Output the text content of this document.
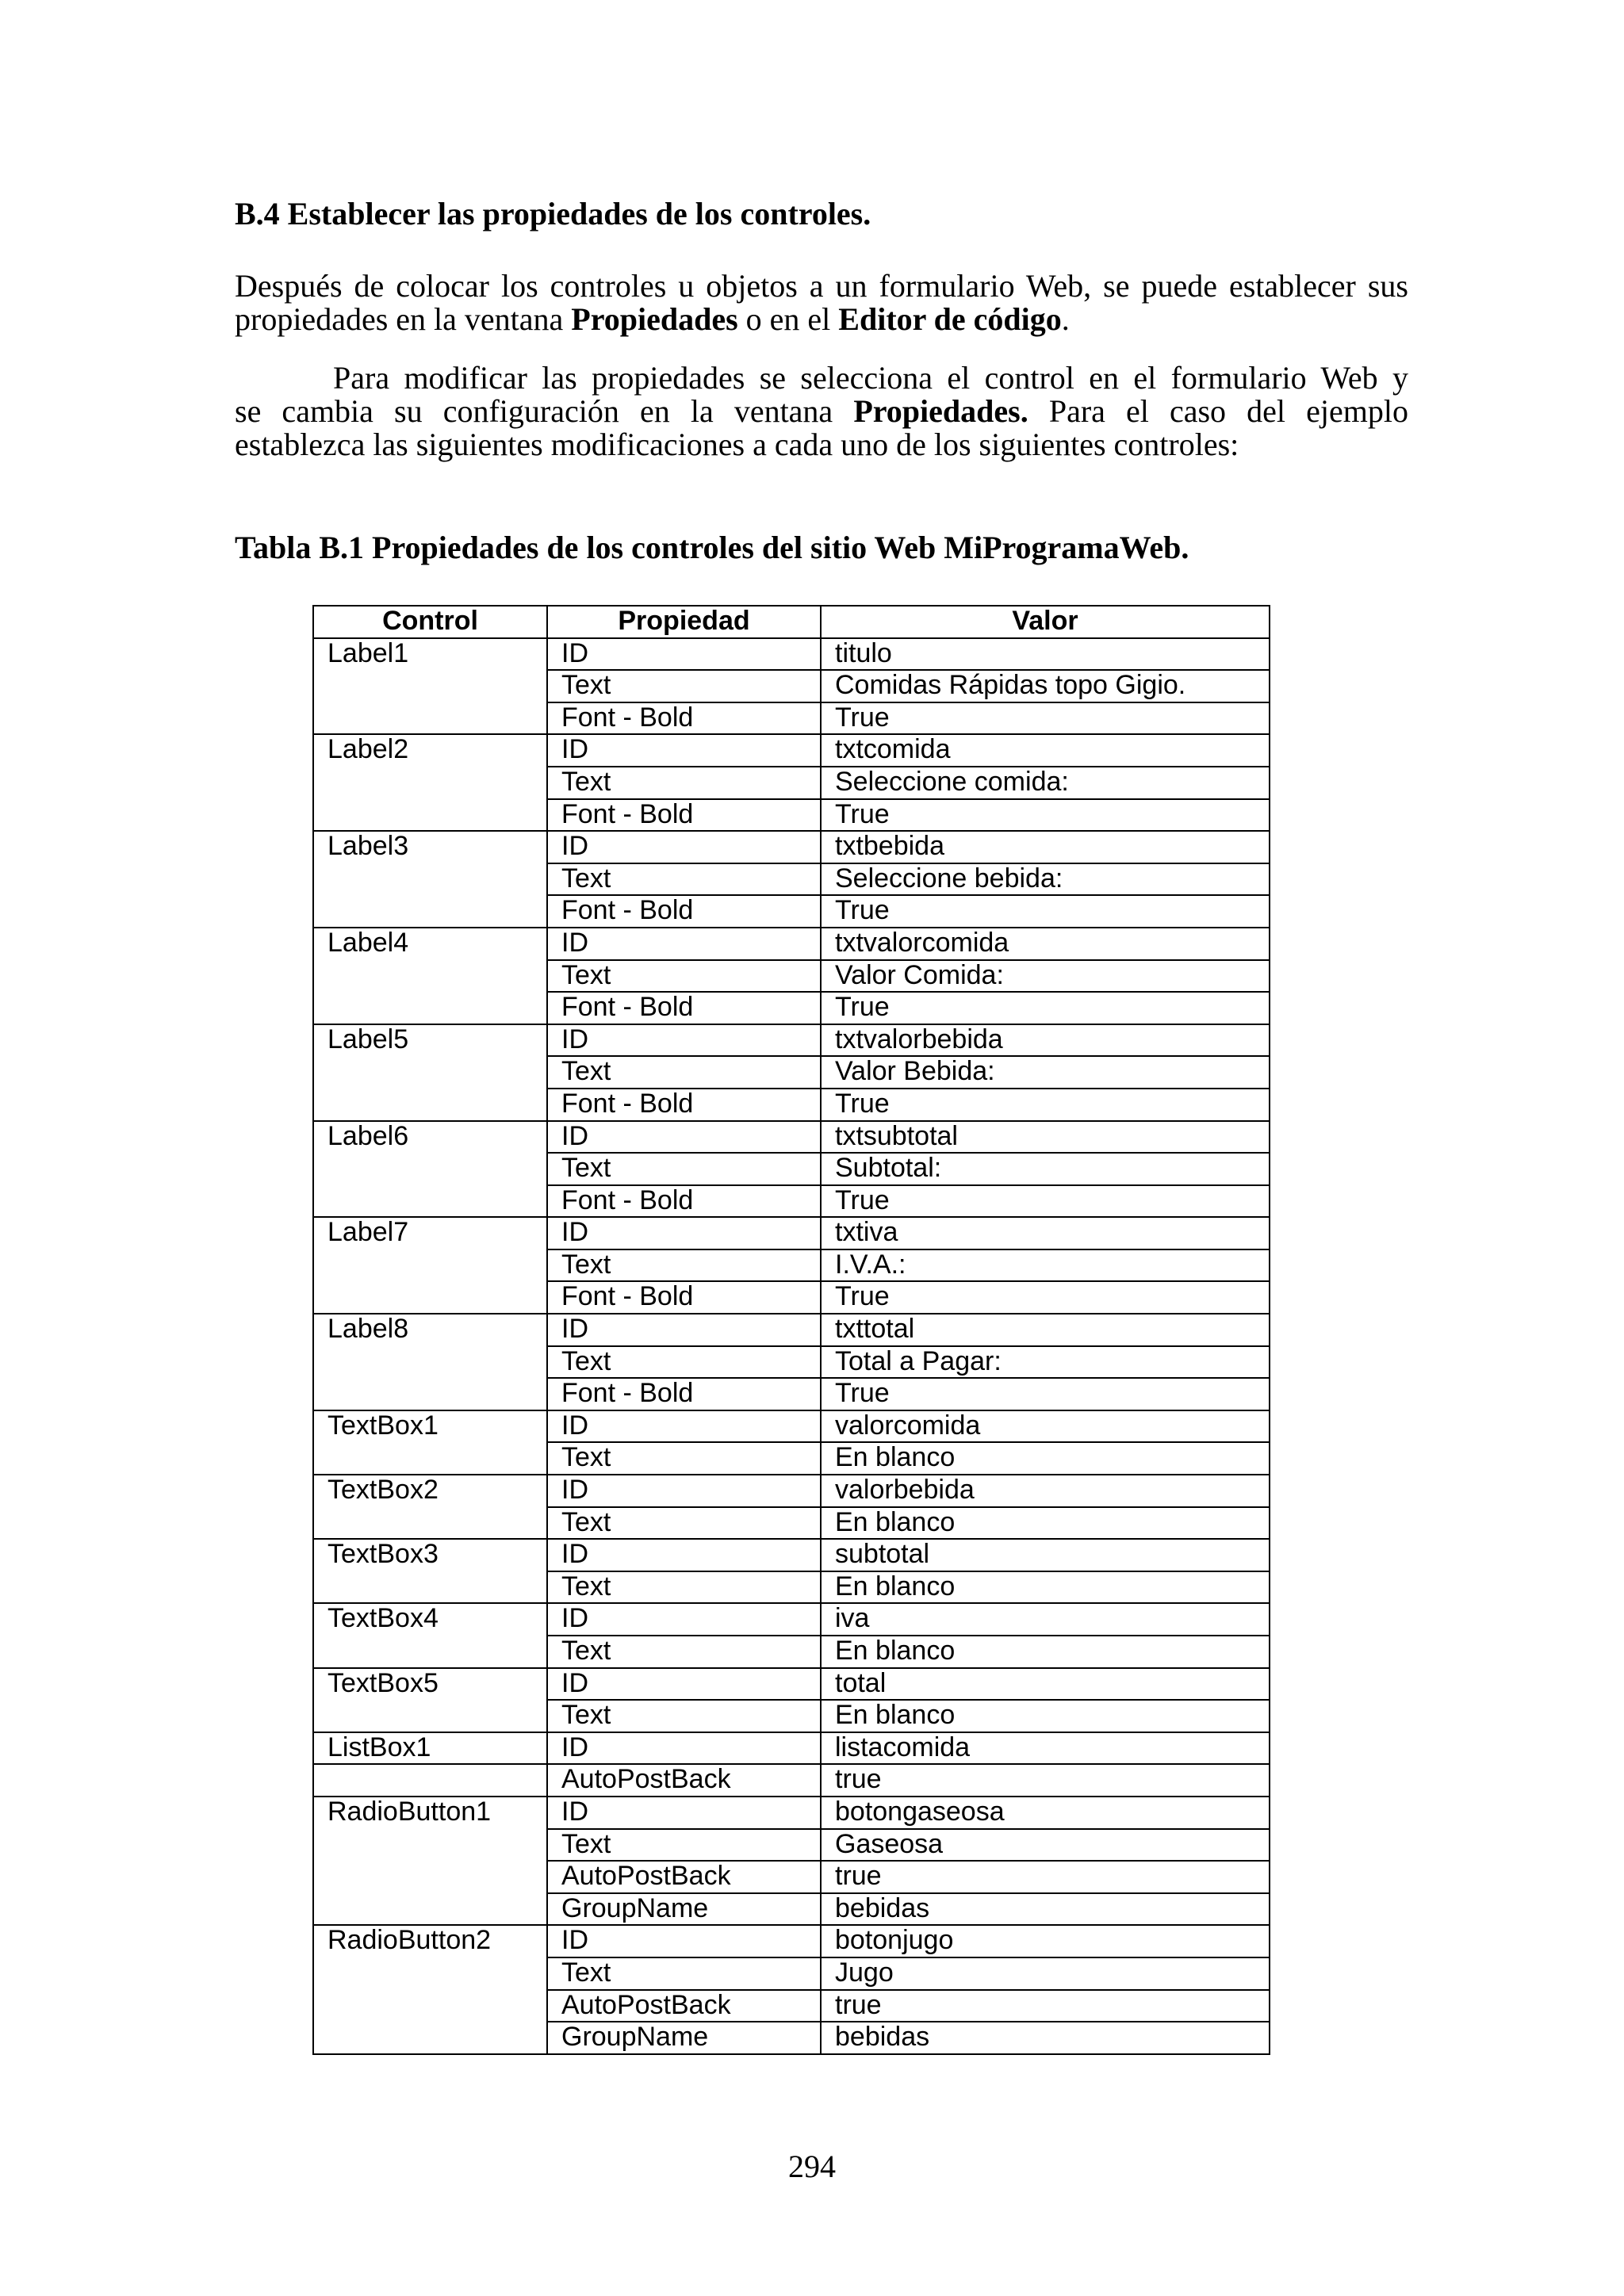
B.4 Establecer las propiedades de los controles.
Después de colocar los controles u objetos a un formulario Web, se puede establecer sus
propiedades en la ventana Propiedades o en el Editor de código.
Para modificar las propiedades se selecciona el control en el formulario Web y
se cambia su configuración en la ventana Propiedades. Para el caso del ejemplo
establezca las siguientes modificaciones a cada uno de los siguientes controles:
Tabla B.1 Propiedades de los controles del sitio Web MiProgramaWeb.
Control	Propiedad	Valor
Label1	ID	titulo
	Text	Comidas Rápidas topo Gigio.
	Font - Bold	True
Label2	ID	txtcomida
	Text	Seleccione comida:
	Font - Bold	True
Label3	ID	txtbebida
	Text	Seleccione bebida:
	Font - Bold	True
Label4	ID	txtvalorcomida
	Text	Valor Comida:
	Font - Bold	True
Label5	ID	txtvalorbebida
	Text	Valor Bebida:
	Font - Bold	True
Label6	ID	txtsubtotal
	Text	Subtotal:
	Font - Bold	True
Label7	ID	txtiva
	Text	I.V.A.:
	Font - Bold	True
Label8	ID	txttotal
	Text	Total a Pagar:
	Font - Bold	True
TextBox1	ID	valorcomida
	Text	En blanco
TextBox2	ID	valorbebida
	Text	En blanco
TextBox3	ID	subtotal
	Text	En blanco
TextBox4	ID	iva
	Text	En blanco
TextBox5	ID	total
	Text	En blanco
ListBox1	ID	listacomida
	AutoPostBack	true
RadioButton1	ID	botongaseosa
	Text	Gaseosa
	AutoPostBack	true
	GroupName	bebidas
RadioButton2	ID	botonjugo
	Text	Jugo
	AutoPostBack	true
	GroupName	bebidas

294
